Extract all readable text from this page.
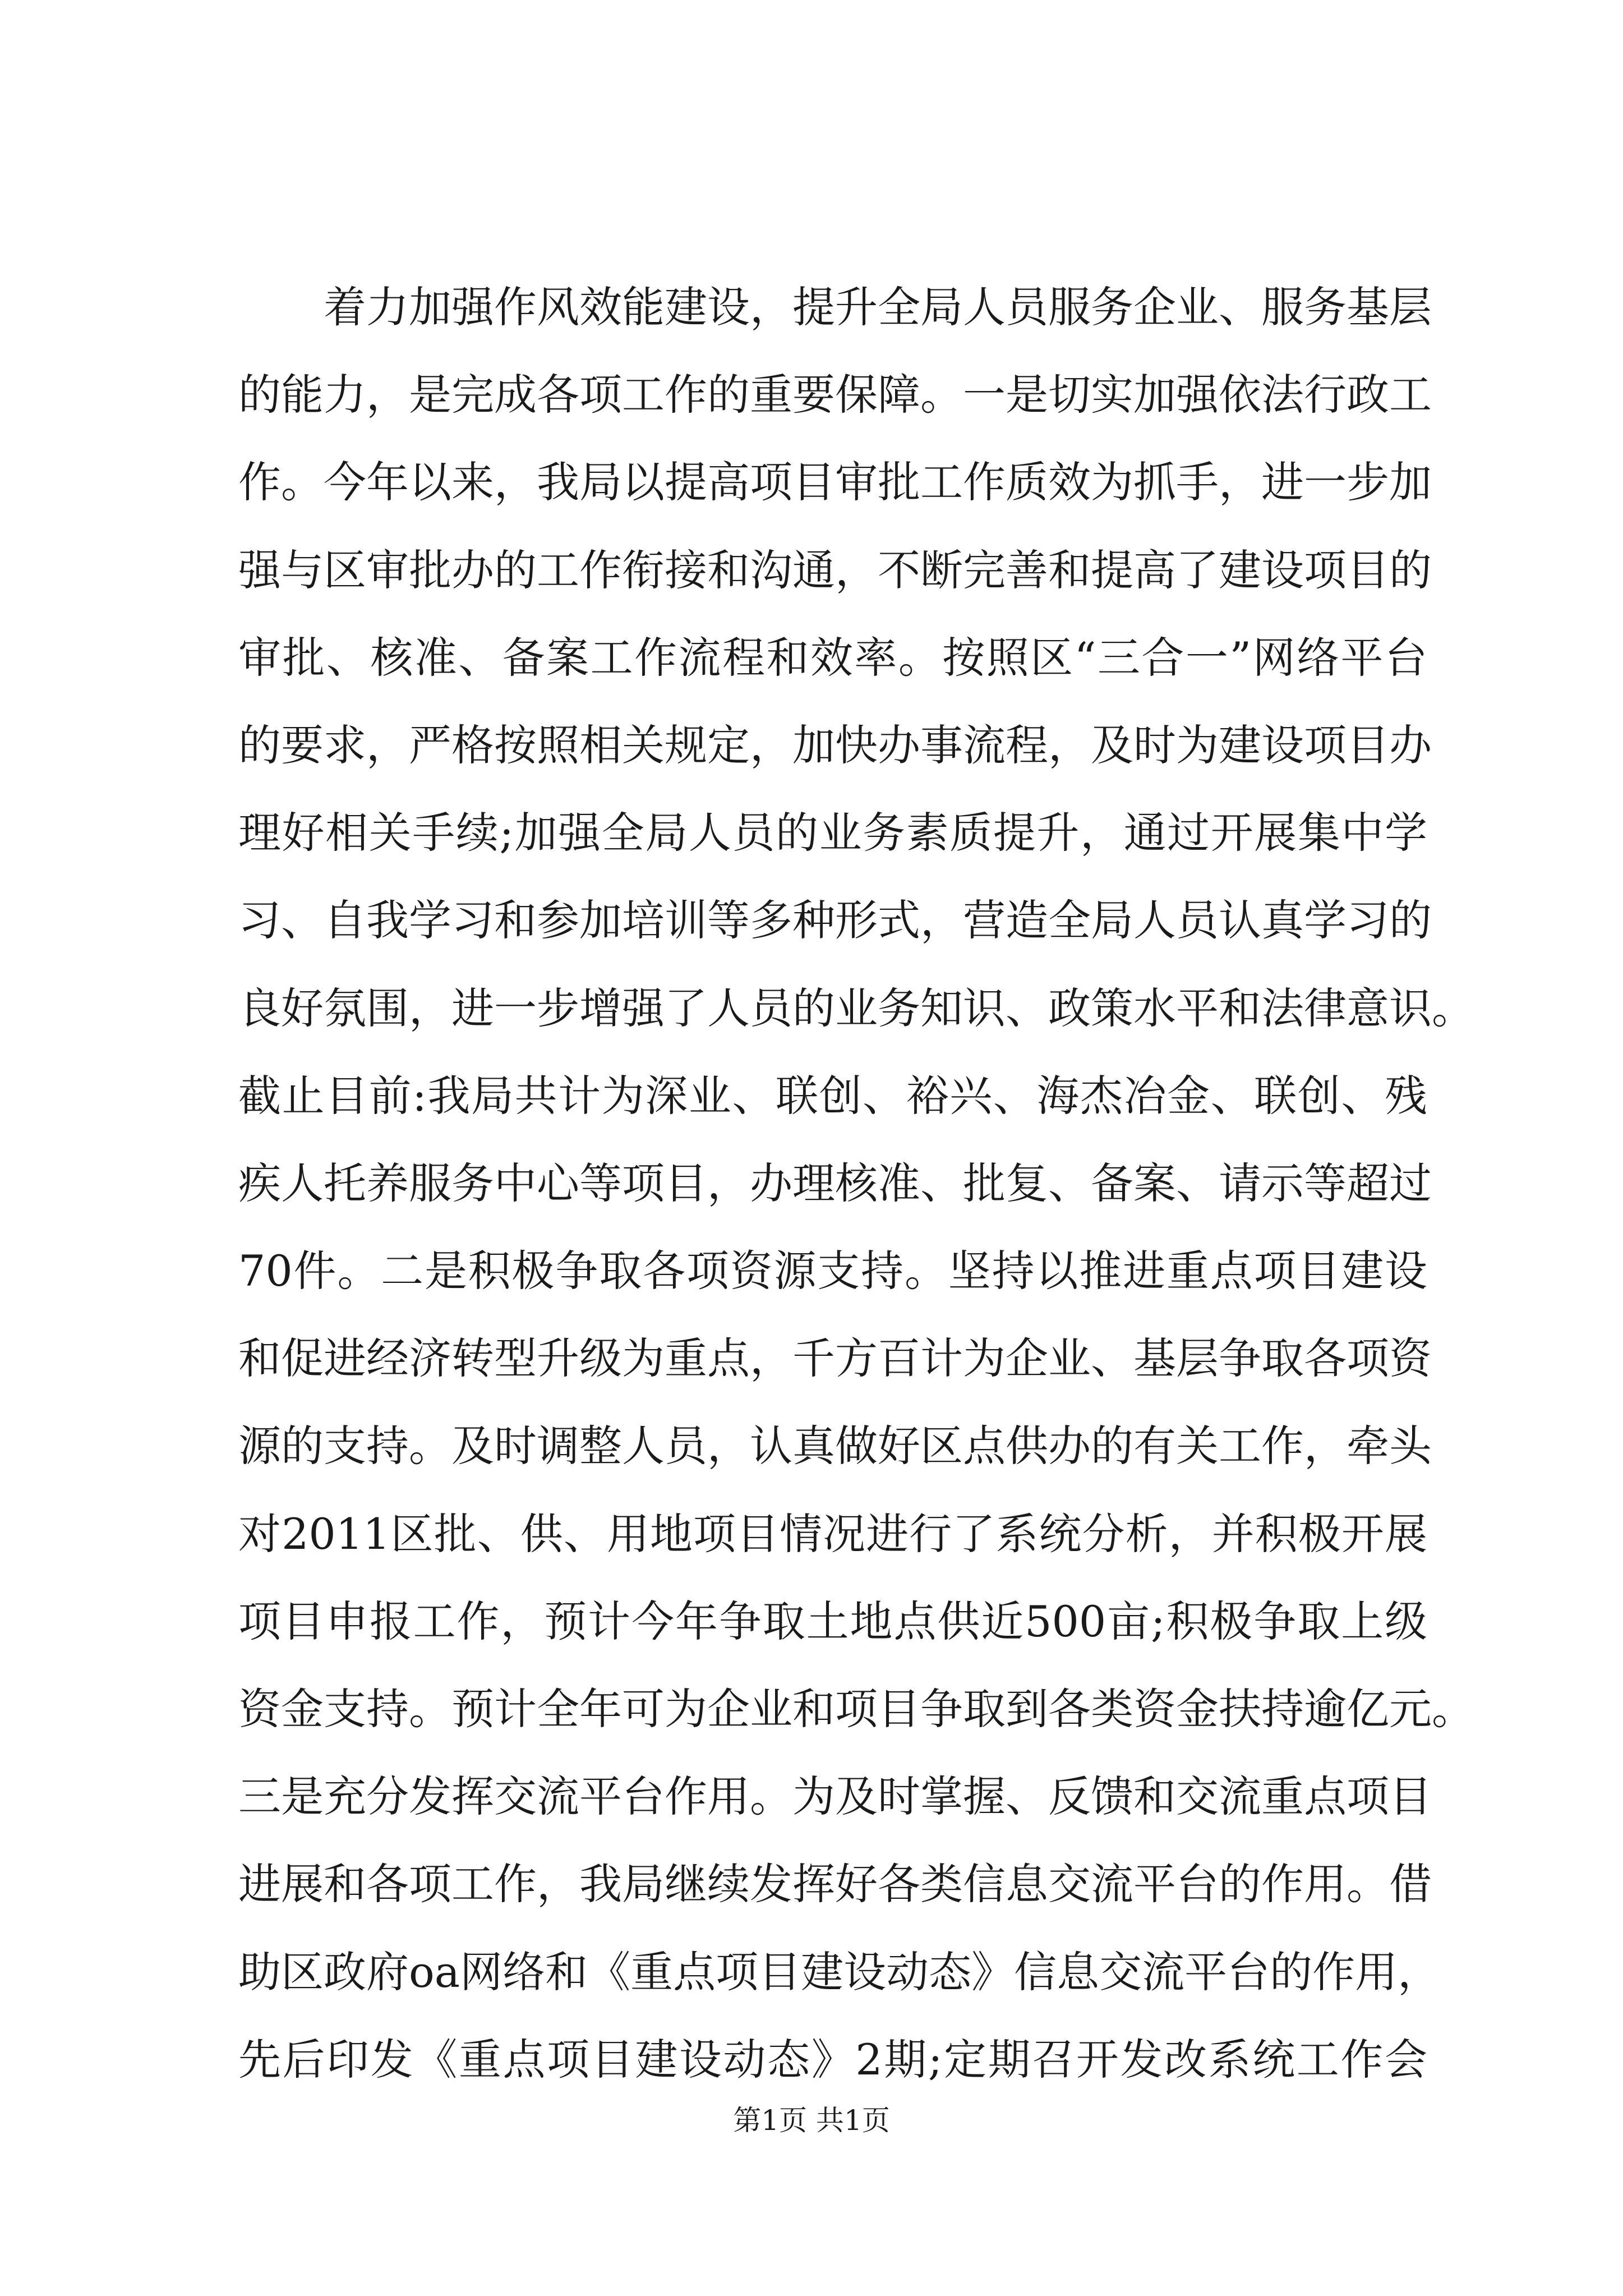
着力加强作风效能建设，提升全局人员服务企业、服务基层
的能力，是完成各项工作的重要保障。一是切实加强依法行政工
作。今年以来，我局以提高项目审批工作质效为抓手，进一步加
强与区审批办的工作衔接和沟通，不断完善和提高了建设项目的
审批、核准、备案工作流程和效率。按照区“三合一”网络平台
的要求，严格按照相关规定，加快办事流程，及时为建设项目办
理好相关手续;加强全局人员的业务素质提升，通过开展集中学
习、自我学习和参加培训等多种形式，营造全局人员认真学习的
良好氛围，进一步增强了人员的业务知识、政策水平和法律意识。
截止目前:我局共计为深业、联创、裕兴、海杰冶金、联创、残
疾人托养服务中心等项目，办理核准、批复、备案、请示等超过
70件。二是积极争取各项资源支持。坚持以推进重点项目建设
和促进经济转型升级为重点，千方百计为企业、基层争取各项资
源的支持。及时调整人员，认真做好区点供办的有关工作，牵头
对2011区批、供、用地项目情况进行了系统分析，并积极开展
项目申报工作，预计今年争取土地点供近500亩;积极争取上级
资金支持。预计全年可为企业和项目争取到各类资金扶持逾亿元。
三是充分发挥交流平台作用。为及时掌握、反馈和交流重点项目
进展和各项工作，我局继续发挥好各类信息交流平台的作用。借
助区政府oa网络和《重点项目建设动态》信息交流平台的作用，
先后印发《重点项目建设动态》2期;定期召开发改系统工作会
第1页 共1页
